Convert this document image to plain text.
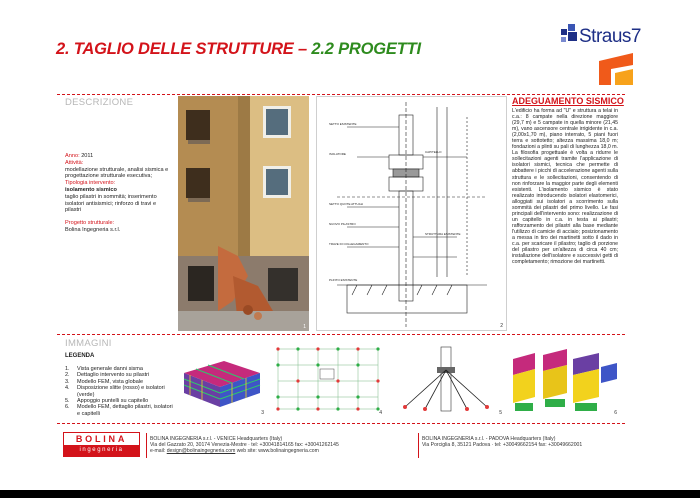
2. TAGLIO DELLE STRUTTURE – 2.2 PROGETTI
Straus7
DESCRIZIONE
Anno: 2011
Attività:
modellazione strutturale, analisi sismica e progettazione strutturale esecutiva;
Tipologia intervento:
isolamento sismico
taglio pilastri in sommità; inserimento isolatori antisismici; rinforzo di travi e pilastri
Progetto strutturale:
Bolina Ingegneria s.r.l.
1
SETTO ESISTENTE
ISOLATORE
SETTO QUOTE ATTUALI
NUOVO PILASTRO
TRAVE DI COLLEGAMENTO
PLINTO ESISTENTE
CAPITELLO
STRUTTURA ESISTENTE
2
ADEGUAMENTO SISMICO
L'edificio ha forma ad "U" e struttura a telai in c.a.: 8 campate nella direzione maggiore (29,7 m) e 5 campate in quella minore (21,45 m), vano ascensore centrale irrigidente in c.a. (2,00x1,70 m), piano interrato, 5 piani fuori terra e sottotetto; altezza massima 18,0 m; fondazioni a plinti su pali di lunghezza 18,0 m. La filosofia progettuale è volta a ridurre le sollecitazioni agenti tramite l'applicazione di isolatori sismici, tecnica che permette di abbattere i picchi di accelerazione agenti sulla struttura e le sollecitazioni, consentendo di non rinforzare la maggior parte degli elementi esistenti. L'isolamento sismico è stato realizzato introducendo isolatori elastomerici, alloggiati sui isolatori a scorrimento sulla sommità dei pilastri del primo livello. Le fasi principali dell'intervento sono: realizzazione di un capitello in c.a. in testa ai pilastri; rafforzamento dei pilastri alla base mediante l'utilizzo di camicie di acciaio; posizionamento a messa in tiro dei martinetti sotto il dado in c.a. per scaricare il pilastro; taglio di porzione del pilastro per un'altezza di circa 40 cm; installazione dell'isolatore e successivi getti di completamento; rimozione dei martinetti.
IMMAGINI
LEGENDA
1.	Vista generale danni sisma
2.	Dettaglio intervento su pilastri
3.	Modello FEM, vista globale
4.	Disposizione slitte (rosso) e isolatori (verde)
5.	Appoggio puntelli su capitello
6.	Modello FEM, dettaglio pilastri, isolatori e capitelli	3	4	5	6
BOLINA
ingegneria
BOLINA INGEGNERIA s.r.l. - VENICE Headquarters (Italy)
Via del Gazzato 20, 30174 Venezia-Mestre · tel: +30041814165 fax: +30041262145
e-mail: design@bolinaingegneria.com web site: www.bolinaingegneria.com
BOLINA INGEGNERIA s.r.l. - PADOVA Headquarters (Italy)
Via Porciglia 8, 35121 Padova · tel: +30049662154 fax: +30049662001
